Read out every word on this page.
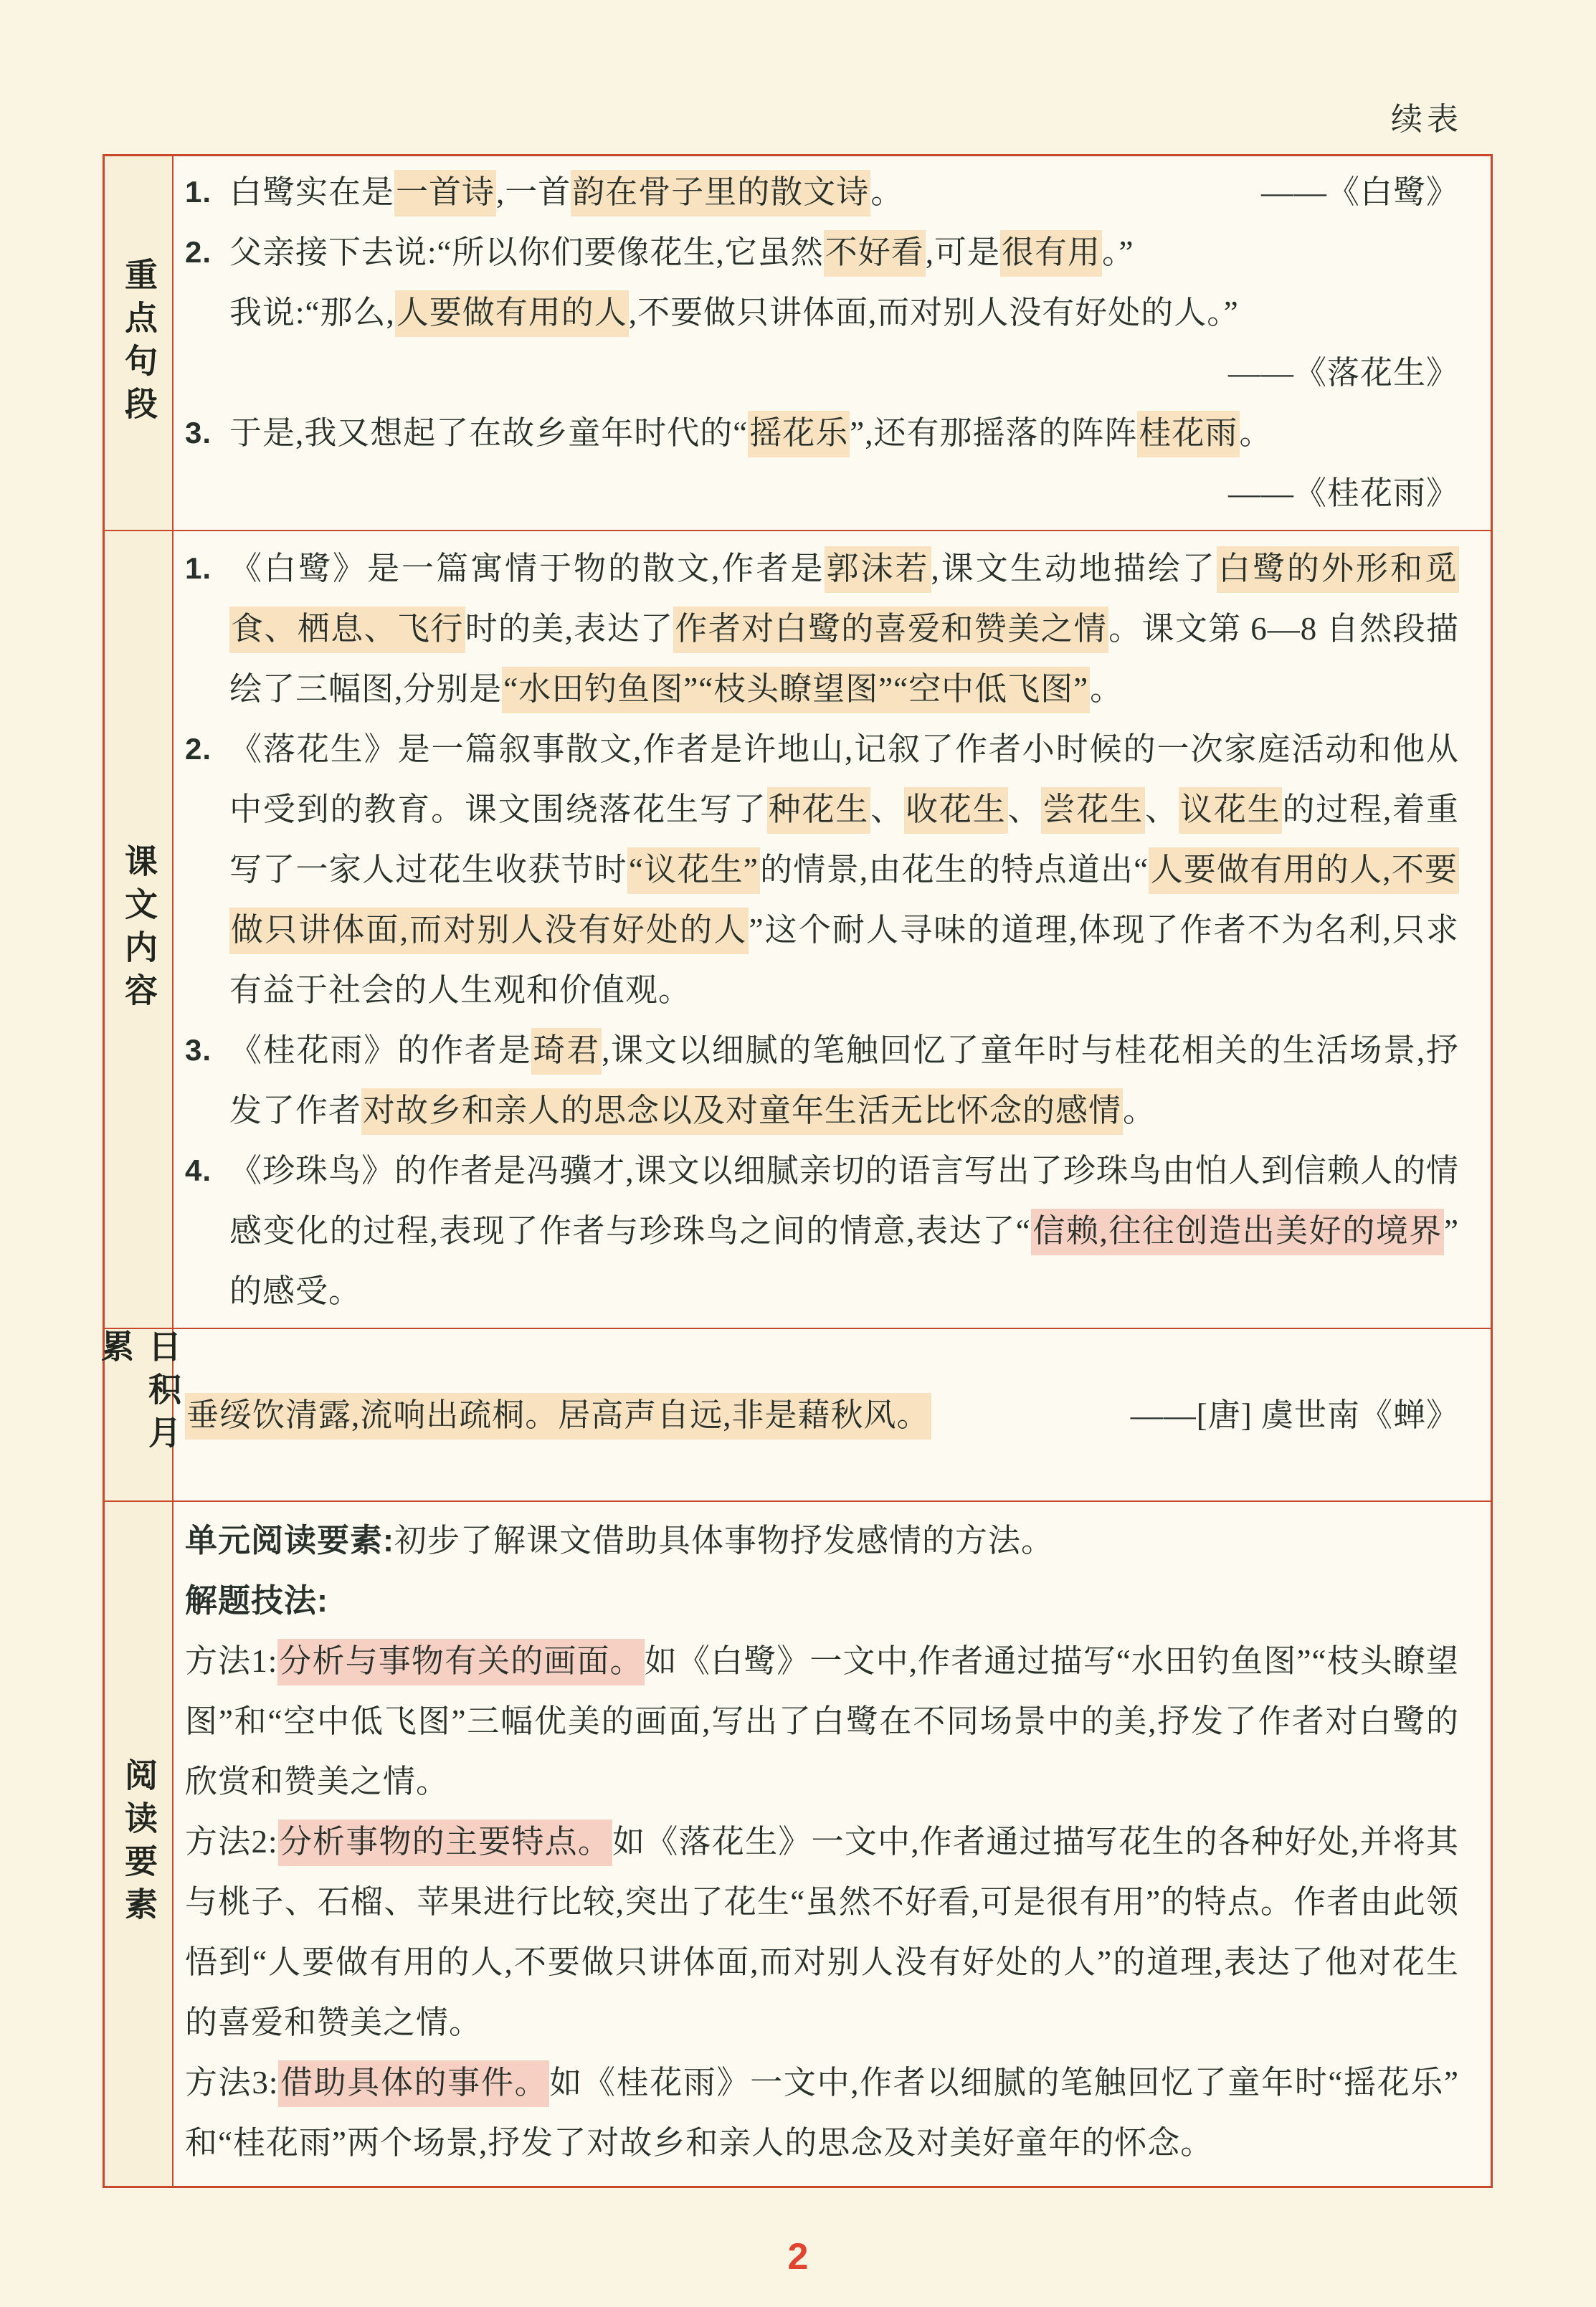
续表
重点句段
1.	——《白鹭》
白鹭实在是一首诗,一首韵在骨子里的散文诗。
2. 父亲接下去说:“所以你们要像花生,它虽然不好看,可是很有用。”
我说:“那么,人要做有用的人,不要做只讲体面,而对别人没有好处的人。”
——《落花生》
3. 于是,我又想起了在故乡童年时代的“摇花乐”,还有那摇落的阵阵桂花雨。
——《桂花雨》
课文内容
1. 《白鹭》是一篇寓情于物的散文,作者是郭沫若,课文生动地描绘了白鹭的外形和觅食、栖息、飞行时的美,表达了作者对白鹭的喜爱和赞美之情。课文第 6—8 自然段描绘了三幅图,分别是“水田钓鱼图”“枝头瞭望图”“空中低飞图”。
2. 《落花生》是一篇叙事散文,作者是许地山,记叙了作者小时候的一次家庭活动和他从中受到的教育。课文围绕落花生写了种花生、收花生、尝花生、议花生的过程,着重写了一家人过花生收获节时“议花生”的情景,由花生的特点道出“人要做有用的人,不要做只讲体面,而对别人没有好处的人”这个耐人寻味的道理,体现了作者不为名利,只求有益于社会的人生观和价值观。
3. 《桂花雨》的作者是琦君,课文以细腻的笔触回忆了童年时与桂花相关的生活场景,抒发了作者对故乡和亲人的思念以及对童年生活无比怀念的感情。
4. 《珍珠鸟》的作者是冯骥才,课文以细腻亲切的语言写出了珍珠鸟由怕人到信赖人的情感变化的过程,表现了作者与珍珠鸟之间的情意,表达了“信赖,往往创造出美好的境界”的感受。
日积月累
垂绥饮清露,流响出疏桐。居高声自远,非是藉秋风。	——[唐] 虞世南《蝉》
阅读要素
单元阅读要素:初步了解课文借助具体事物抒发感情的方法。
解题技法:
方法1:分析与事物有关的画面。如《白鹭》一文中,作者通过描写“水田钓鱼图”“枝头瞭望图”和“空中低飞图”三幅优美的画面,写出了白鹭在不同场景中的美,抒发了作者对白鹭的欣赏和赞美之情。
方法2:分析事物的主要特点。如《落花生》一文中,作者通过描写花生的各种好处,并将其与桃子、石榴、苹果进行比较,突出了花生“虽然不好看,可是很有用”的特点。作者由此领悟到“人要做有用的人,不要做只讲体面,而对别人没有好处的人”的道理,表达了他对花生的喜爱和赞美之情。
方法3:借助具体的事件。如《桂花雨》一文中,作者以细腻的笔触回忆了童年时“摇花乐”和“桂花雨”两个场景,抒发了对故乡和亲人的思念及对美好童年的怀念。
2
